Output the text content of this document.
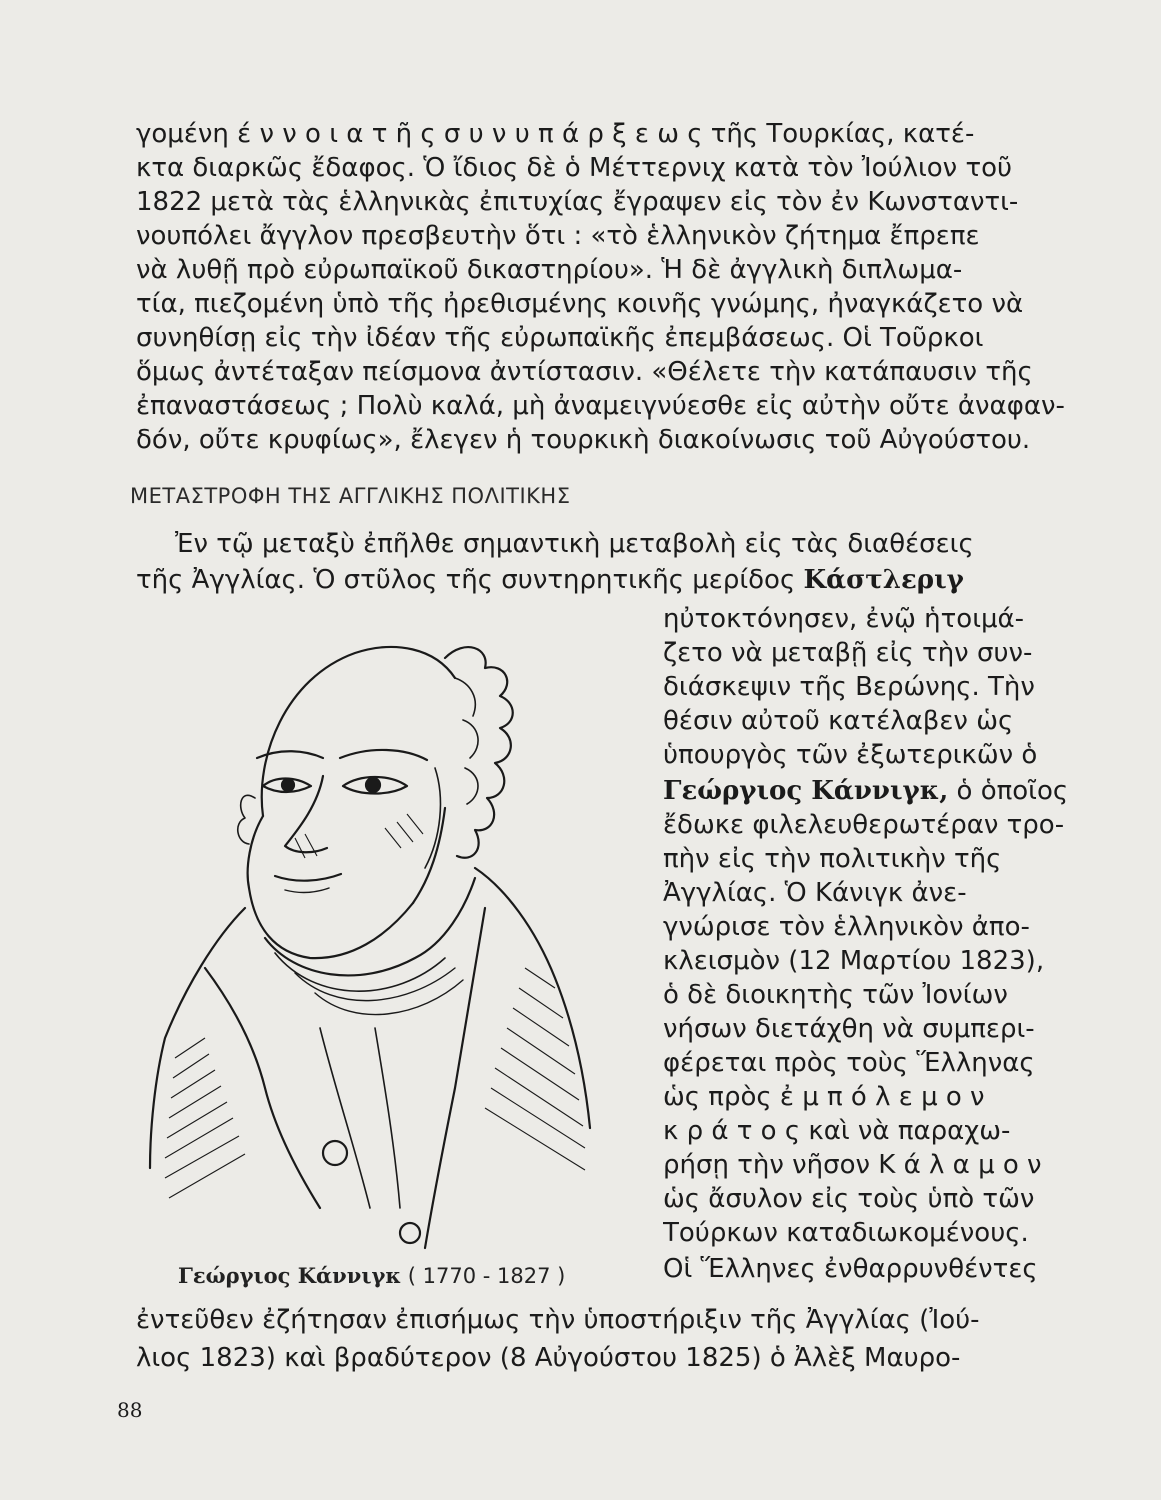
γομένη έ ν ν ο ι α τ ῆ ς σ υ ν υ π ά ρ ξ ε ω ς τῆς Τουρκίας, κατέ-
κτα διαρκῶς ἔδαφος. Ὁ ἴδιος δὲ ὁ Μέττερνιχ κατὰ τὸν Ἰούλιον τοῦ
1822 μετὰ τὰς ἑλληνικὰς ἐπιτυχίας ἔγραψεν εἰς τὸν ἐν Κωνσταντι-
νουπόλει ἄγγλον πρεσβευτὴν ὅτι : «τὸ ἑλληνικὸν ζήτημα ἔπρεπε
νὰ λυθῇ πρὸ εὐρωπαϊκοῦ δικαστηρίου». Ἡ δὲ ἀγγλικὴ διπλωμα-
τία, πιεζομένη ὑπὸ τῆς ἠρεθισμένης κοινῆς γνώμης, ἠναγκάζετο νὰ
συνηθίσῃ εἰς τὴν ἰδέαν τῆς εὐρωπαϊκῆς ἐπεμβάσεως. Οἱ Τοῦρκοι
ὅμως ἀντέταξαν πείσμονα ἀντίστασιν. «Θέλετε τὴν κατάπαυσιν τῆς
ἐπαναστάσεως ; Πολὺ καλά, μὴ ἀναμειγνύεσθε εἰς αὐτὴν οὔτε ἀναφαν-
δόν, οὔτε κρυφίως», ἔλεγεν ἡ τουρκικὴ διακοίνωσις τοῦ Αὐγούστου.
ΜΕΤΑΣΤΡΟΦΗ ΤΗΣ ΑΓΓΛΙΚΗΣ ΠΟΛΙΤΙΚΗΣ
Ἐν τῷ μεταξὺ ἐπῆλθε σημαντικὴ μεταβολὴ εἰς τὰς διαθέσεις
τῆς Ἀγγλίας. Ὁ στῦλος τῆς συντηρητικῆς μερίδος Κάστλεριγ
ηὐτοκτόνησεν, ἐνῷ ἡτοιμά-
ζετο νὰ μεταβῇ εἰς τὴν συν-
διάσκεψιν τῆς Βερώνης. Τὴν
θέσιν αὐτοῦ κατέλαβεν ὡς
ὑπουργὸς τῶν ἐξωτερικῶν ὁ
Γεώργιος Κάννιγκ, ὁ ὁποῖος
ἔδωκε φιλελευθερωτέραν τρο-
πὴν εἰς τὴν πολιτικὴν τῆς
Ἀγγλίας. Ὁ Κάνιγκ ἀνε-
γνώρισε τὸν ἑλληνικὸν ἀπο-
κλεισμὸν (12 Μαρτίου 1823),
ὁ δὲ διοικητὴς τῶν Ἰονίων
νήσων διετάχθη νὰ συμπερι-
φέρεται πρὸς τοὺς Ἕλληνας
ὡς πρὸς ἐ μ π ό λ ε μ ο ν
κ ρ ά τ ο ς καὶ νὰ παραχω-
ρήσῃ τὴν νῆσον Κ ά λ α μ ο ν
ὡς ἄσυλον εἰς τοὺς ὑπὸ τῶν
Τούρκων καταδιωκομένους.
Οἱ Ἕλληνες ἐνθαρρυνθέντες
Γεώργιος Κάννιγκ ( 1770 - 1827 )
ἐντεῦθεν ἐζήτησαν ἐπισήμως τὴν ὑποστήριξιν τῆς Ἀγγλίας (Ἰού-
λιος 1823) καὶ βραδύτερον (8 Αὐγούστου 1825) ὁ Ἀλὲξ Μαυρο-
88
